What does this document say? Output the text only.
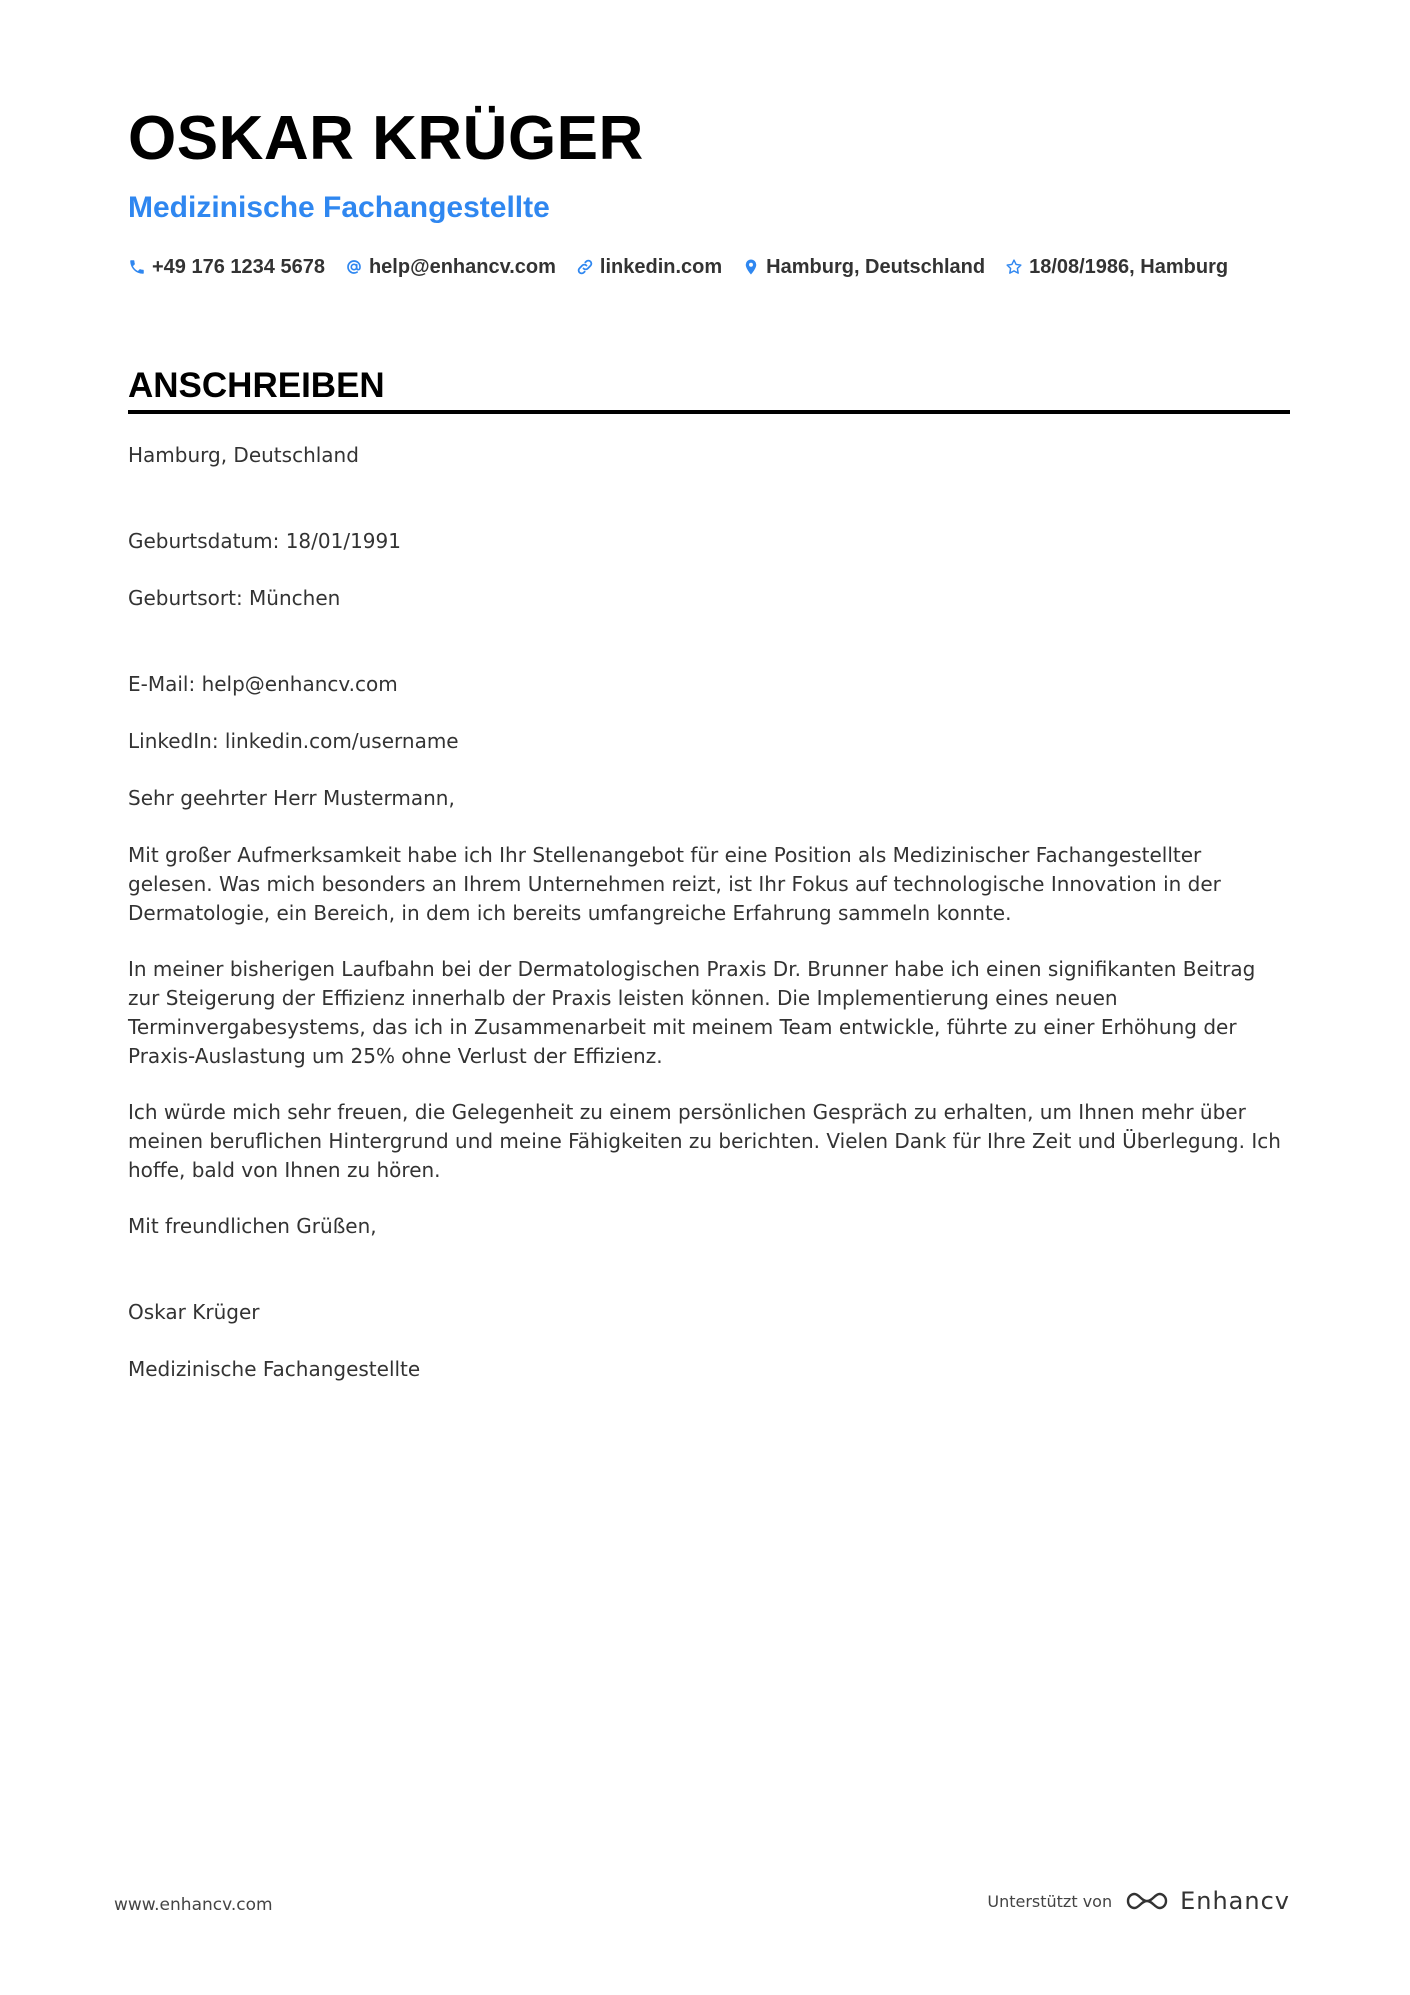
OSKAR KRÜGER
Medizinische Fachangestellte
+49 176 1234 5678 help@enhancv.com linkedin.com Hamburg, Deutschland 18/08/1986, Hamburg
ANSCHREIBEN

Hamburg, Deutschland

Geburtsdatum: 18/01/1991

Geburtsort: München

E-Mail: help@enhancv.com

LinkedIn: linkedin.com/username

Sehr geehrter Herr Mustermann,

Mit großer Aufmerksamkeit habe ich Ihr Stellenangebot für eine Position als Medizinischer Fachangestellter gelesen. Was mich besonders an Ihrem Unternehmen reizt, ist Ihr Fokus auf technologische Innovation in der Dermatologie, ein Bereich, in dem ich bereits umfangreiche Erfahrung sammeln konnte.

In meiner bisherigen Laufbahn bei der Dermatologischen Praxis Dr. Brunner habe ich einen signifikanten Beitrag zur Steigerung der Effizienz innerhalb der Praxis leisten können. Die Implementierung eines neuen Terminvergabesystems, das ich in Zusammenarbeit mit meinem Team entwickle, führte zu einer Erhöhung der Praxis-Auslastung um 25% ohne Verlust der Effizienz.

Ich würde mich sehr freuen, die Gelegenheit zu einem persönlichen Gespräch zu erhalten, um Ihnen mehr über meinen beruflichen Hintergrund und meine Fähigkeiten zu berichten. Vielen Dank für Ihre Zeit und Überlegung. Ich hoffe, bald von Ihnen zu hören.

Mit freundlichen Grüßen,

Oskar Krüger

Medizinische Fachangestellte

www.enhancv.com	Unterstützt von	Enhancv
